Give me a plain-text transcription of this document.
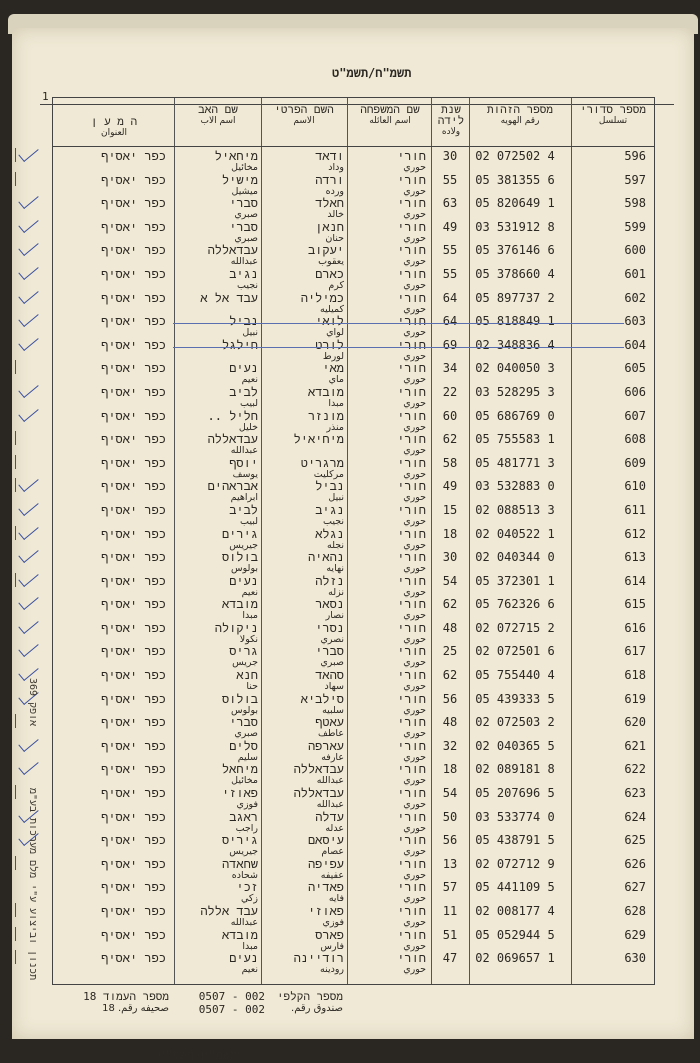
תשמ"ח/תשמ"ט
1
מספר סדורי
تسلسل
מספר הזהות
رقم الهويه
שנת לידה
ولاده
שם המשפחה
اسم العائله
השם הפרטי
الاسم
שם האב
اسم الاب
ה מ ע ן
العنوان
596
02 072502 4
30
חורי
حوري
ודאד
وداد
מיחאיל
مخائيل
כפר יאסיף
597
05 381355 6
55
חורי
حوري
ורדה
ورده
מישיל
ميشيل
כפר יאסיף
598
05 820649 1
63
חורי
حوري
חאלד
خالد
סברי
صبري
כפר יאסיף
599
03 531912 8
49
חורי
حوري
חנאן
حنان
סברי
صبري
כפר יאסיף
600
05 376146 6
55
חורי
حوري
יעקוב
يعقوب
עבדאללה
عبدالله
כפר יאסיף
601
05 378660 4
55
חורי
حوري
כארם
كرم
נגיב
نجيب
כפר יאסיף
602
05 897737 2
64
חורי
حوري
כמיליה
كميليه
עבד אל א
כפר יאסיף
603
05 818849 1
64
חורי
حوري
לואי
لواي
נביל
نبيل
כפר יאסיף
604
02 348836 4
69
חורי
حوري
לורט
لورط
חילגל
כפר יאסיף
605
02 040050 3
34
חורי
حوري
מאי
ماي
נעים
نعيم
כפר יאסיף
606
03 528295 3
22
חורי
حوري
מובדא
مبدا
לביב
لبيب
כפר יאסיף
607
05 686769 0
60
חורי
حوري
מונזר
منذر
חליל ..
خليل
כפר יאסיף
608
05 755583 1
62
חורי
حوري
מיחיאיל
עבדאללה
عبدالله
כפר יאסיף
609
05 481771 3
58
חורי
حوري
מרגריט
مركليت
יוסף
يوسف
כפר יאסיף
610
03 532883 0
49
חורי
حوري
נביל
نبيل
אבראהים
ابراهيم
כפר יאסיף
611
02 088513 3
15
חורי
حوري
נגיב
نجيب
לביב
لبيب
כפר יאסיף
612
02 040522 1
18
חורי
حوري
נגלא
نجله
גירים
جيريس
כפר יאסיף
613
02 040344 0
30
חורי
حوري
נהאיה
نهايه
בולוס
بولوس
כפר יאסיף
614
05 372301 1
54
חורי
حوري
נזלה
نزله
נעים
نعيم
כפר יאסיף
615
05 762326 6
62
חורי
حوري
נסאר
نصار
מובדא
مبدا
כפר יאסיף
616
02 072715 2
48
חורי
حوري
נסרי
نصري
ניקולה
نكولا
כפר יאסיף
617
02 072501 6
25
חורי
حوري
סברי
صبري
גריס
جريس
כפר יאסיף
618
05 755440 4
62
חורי
حوري
סהאד
سهاد
חנא
حنا
כפר יאסיף
619
05 439333 5
56
חורי
حوري
סילביא
سلبيه
בולוס
بولوس
כפר יאסיף
620
02 072503 2
48
חורי
حوري
עאטף
عاطف
סברי
صبري
כפר יאסיף
621
02 040365 5
32
חורי
حوري
עארפה
عارفه
סלים
سليم
כפר יאסיף
622
02 089181 8
18
חורי
حوري
עבדאללה
عبدالله
מיחאל
مخائيل
כפר יאסיף
623
05 207696 5
54
חורי
حوري
עבדאללה
عبدالله
פאוזי
فوزي
כפר יאסיף
624
03 533774 0
50
חורי
حوري
עדלה
عدله
ראגב
راجب
כפר יאסיף
625
05 438791 5
56
חורי
حوري
עיסאם
عصام
גיריס
جيريس
כפר יאסיף
626
02 072712 9
13
חורי
حوري
עפיפה
عفيفه
שחאדה
شحاده
כפר יאסיף
627
05 441109 5
57
חורי
حوري
פאדיה
فايه
זכי
زكي
כפר יאסיף
628
02 008177 4
11
חורי
حوري
פאוזי
فوزي
עבד אללה
عبدالله
כפר יאסיף
629
05 052944 5
51
חורי
حوري
פארס
فارس
מובדא
مبدا
כפר יאסיף
630
02 069657 1
47
חורי
حوري
רודיינה
رودينه
נעים
نعيم
כפר יאסיף
מספר העמוד 18
صحيفه رقم. 18
0507 - 002
0507 - 002
מספר הקלפי
صندوق رقم.
תשמ"ח/תשמ"ט
אופק 369
תכנון וביצוע ע"י מלם מערכות בע"מ
